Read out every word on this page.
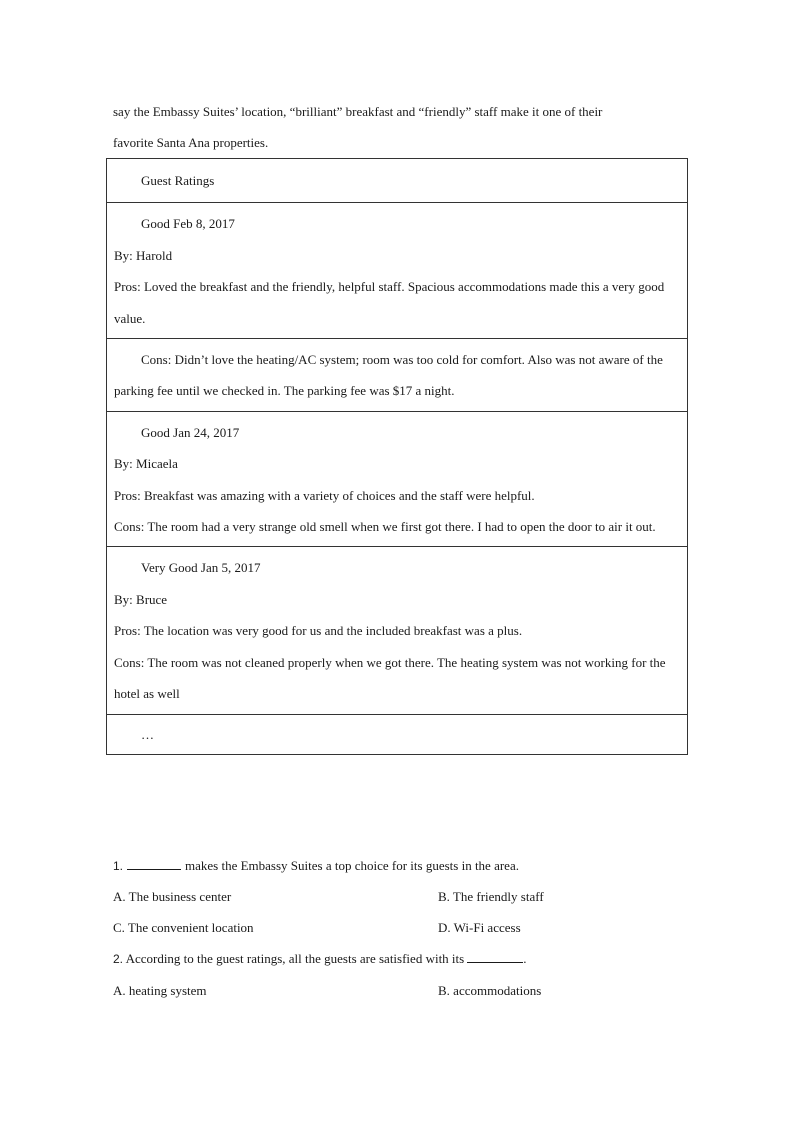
say the Embassy Suites’ location, “brilliant” breakfast and “friendly” staff make it one of their
favorite Santa Ana properties.

Guest Ratings

Good Feb 8, 2017

By: Harold

Pros: Loved the breakfast and the friendly, helpful staff. Spacious accommodations made this a very good value.

Cons: Didn’t love the heating/AC system; room was too cold for comfort. Also was not aware of the parking fee until we checked in. The parking fee was $17 a night.

Good Jan 24, 2017

By: Micaela

Pros: Breakfast was amazing with a variety of choices and the staff were helpful.

Cons: The room had a very strange old smell when we first got there. I had to open the door to air it out.

Very Good Jan 5, 2017

By: Bruce

Pros: The location was very good for us and the included breakfast was a plus.

Cons: The room was not cleaned properly when we got there. The heating system was not working for the hotel as well

…

1.	makes the Embassy Suites a top choice for its guests in the area.
A. The business center	B. The friendly staff
C. The convenient location	D. Wi-Fi access
2. According to the guest ratings, all the guests are satisfied with its	.
A. heating system	B. accommodations
